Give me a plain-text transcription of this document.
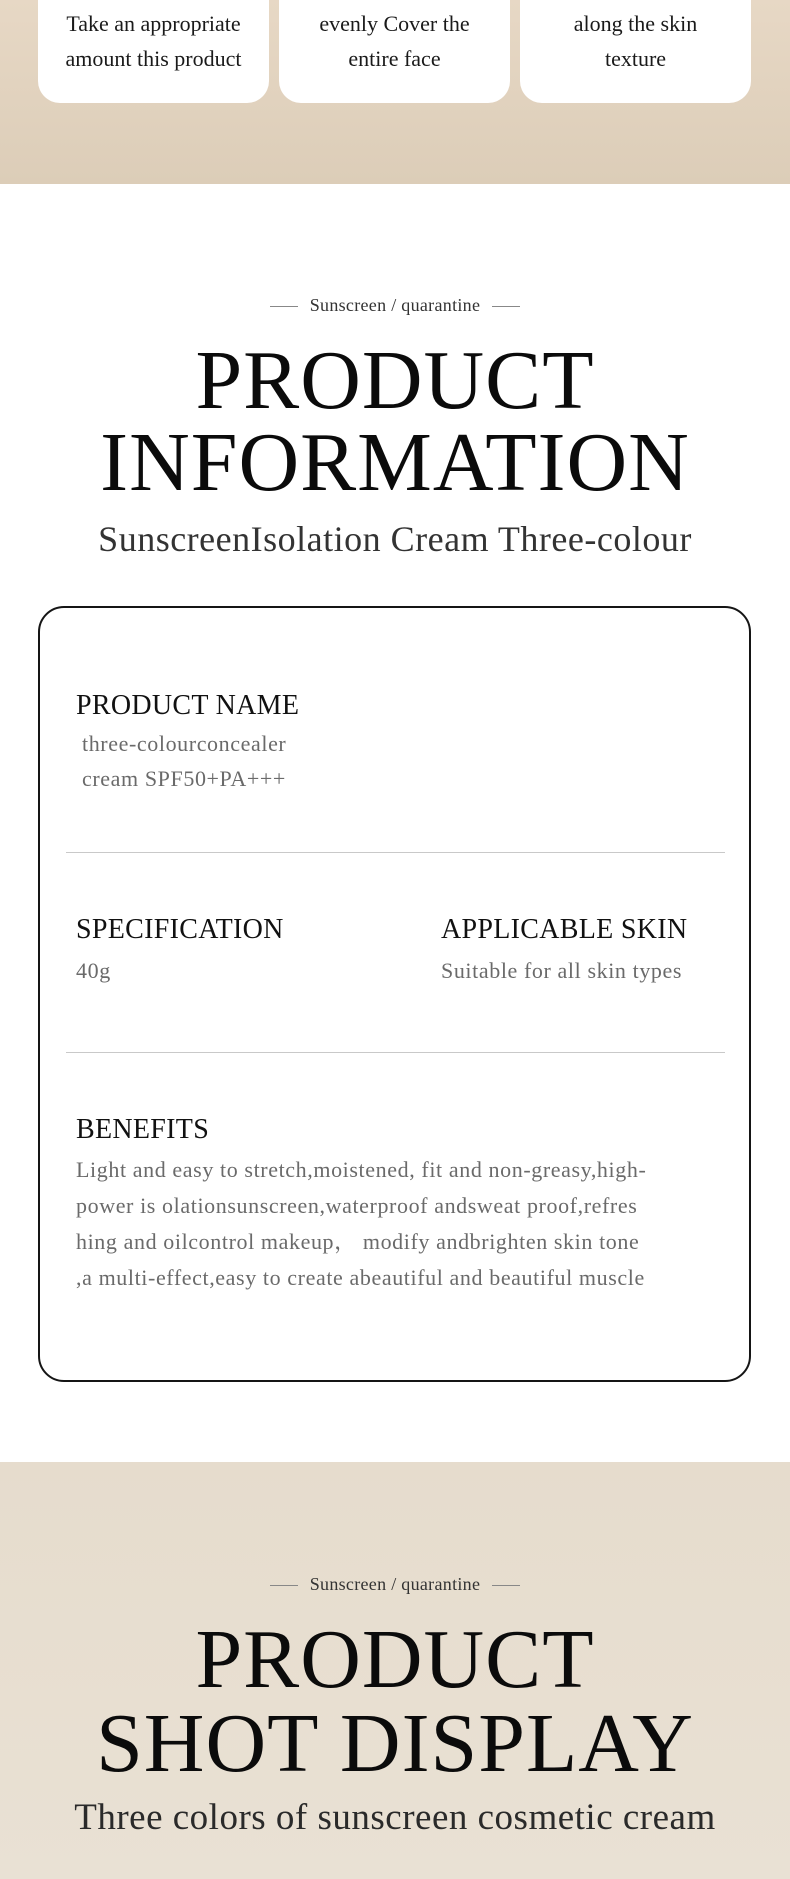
Take an appropriate
amount this product
evenly Cover the
entire face
along the skin
texture
Sunscreen / quarantine
PRODUCT
INFORMATION
SunscreenIsolation Cream Three-colour
PRODUCT NAME
three-colourconcealer
cream SPF50+PA+++
SPECIFICATION
40g
APPLICABLE SKIN
Suitable for all skin types
BENEFITS
Light and easy to stretch,moistened, fit and non-greasy,high-
power is olationsunscreen,waterproof andsweat proof,refres
hing and oilcontrol makeup， modify andbrighten skin tone
,a multi-effect,easy to create abeautiful and beautiful muscle
Sunscreen / quarantine
PRODUCT
SHOT DISPLAY
Three colors of sunscreen cosmetic cream
